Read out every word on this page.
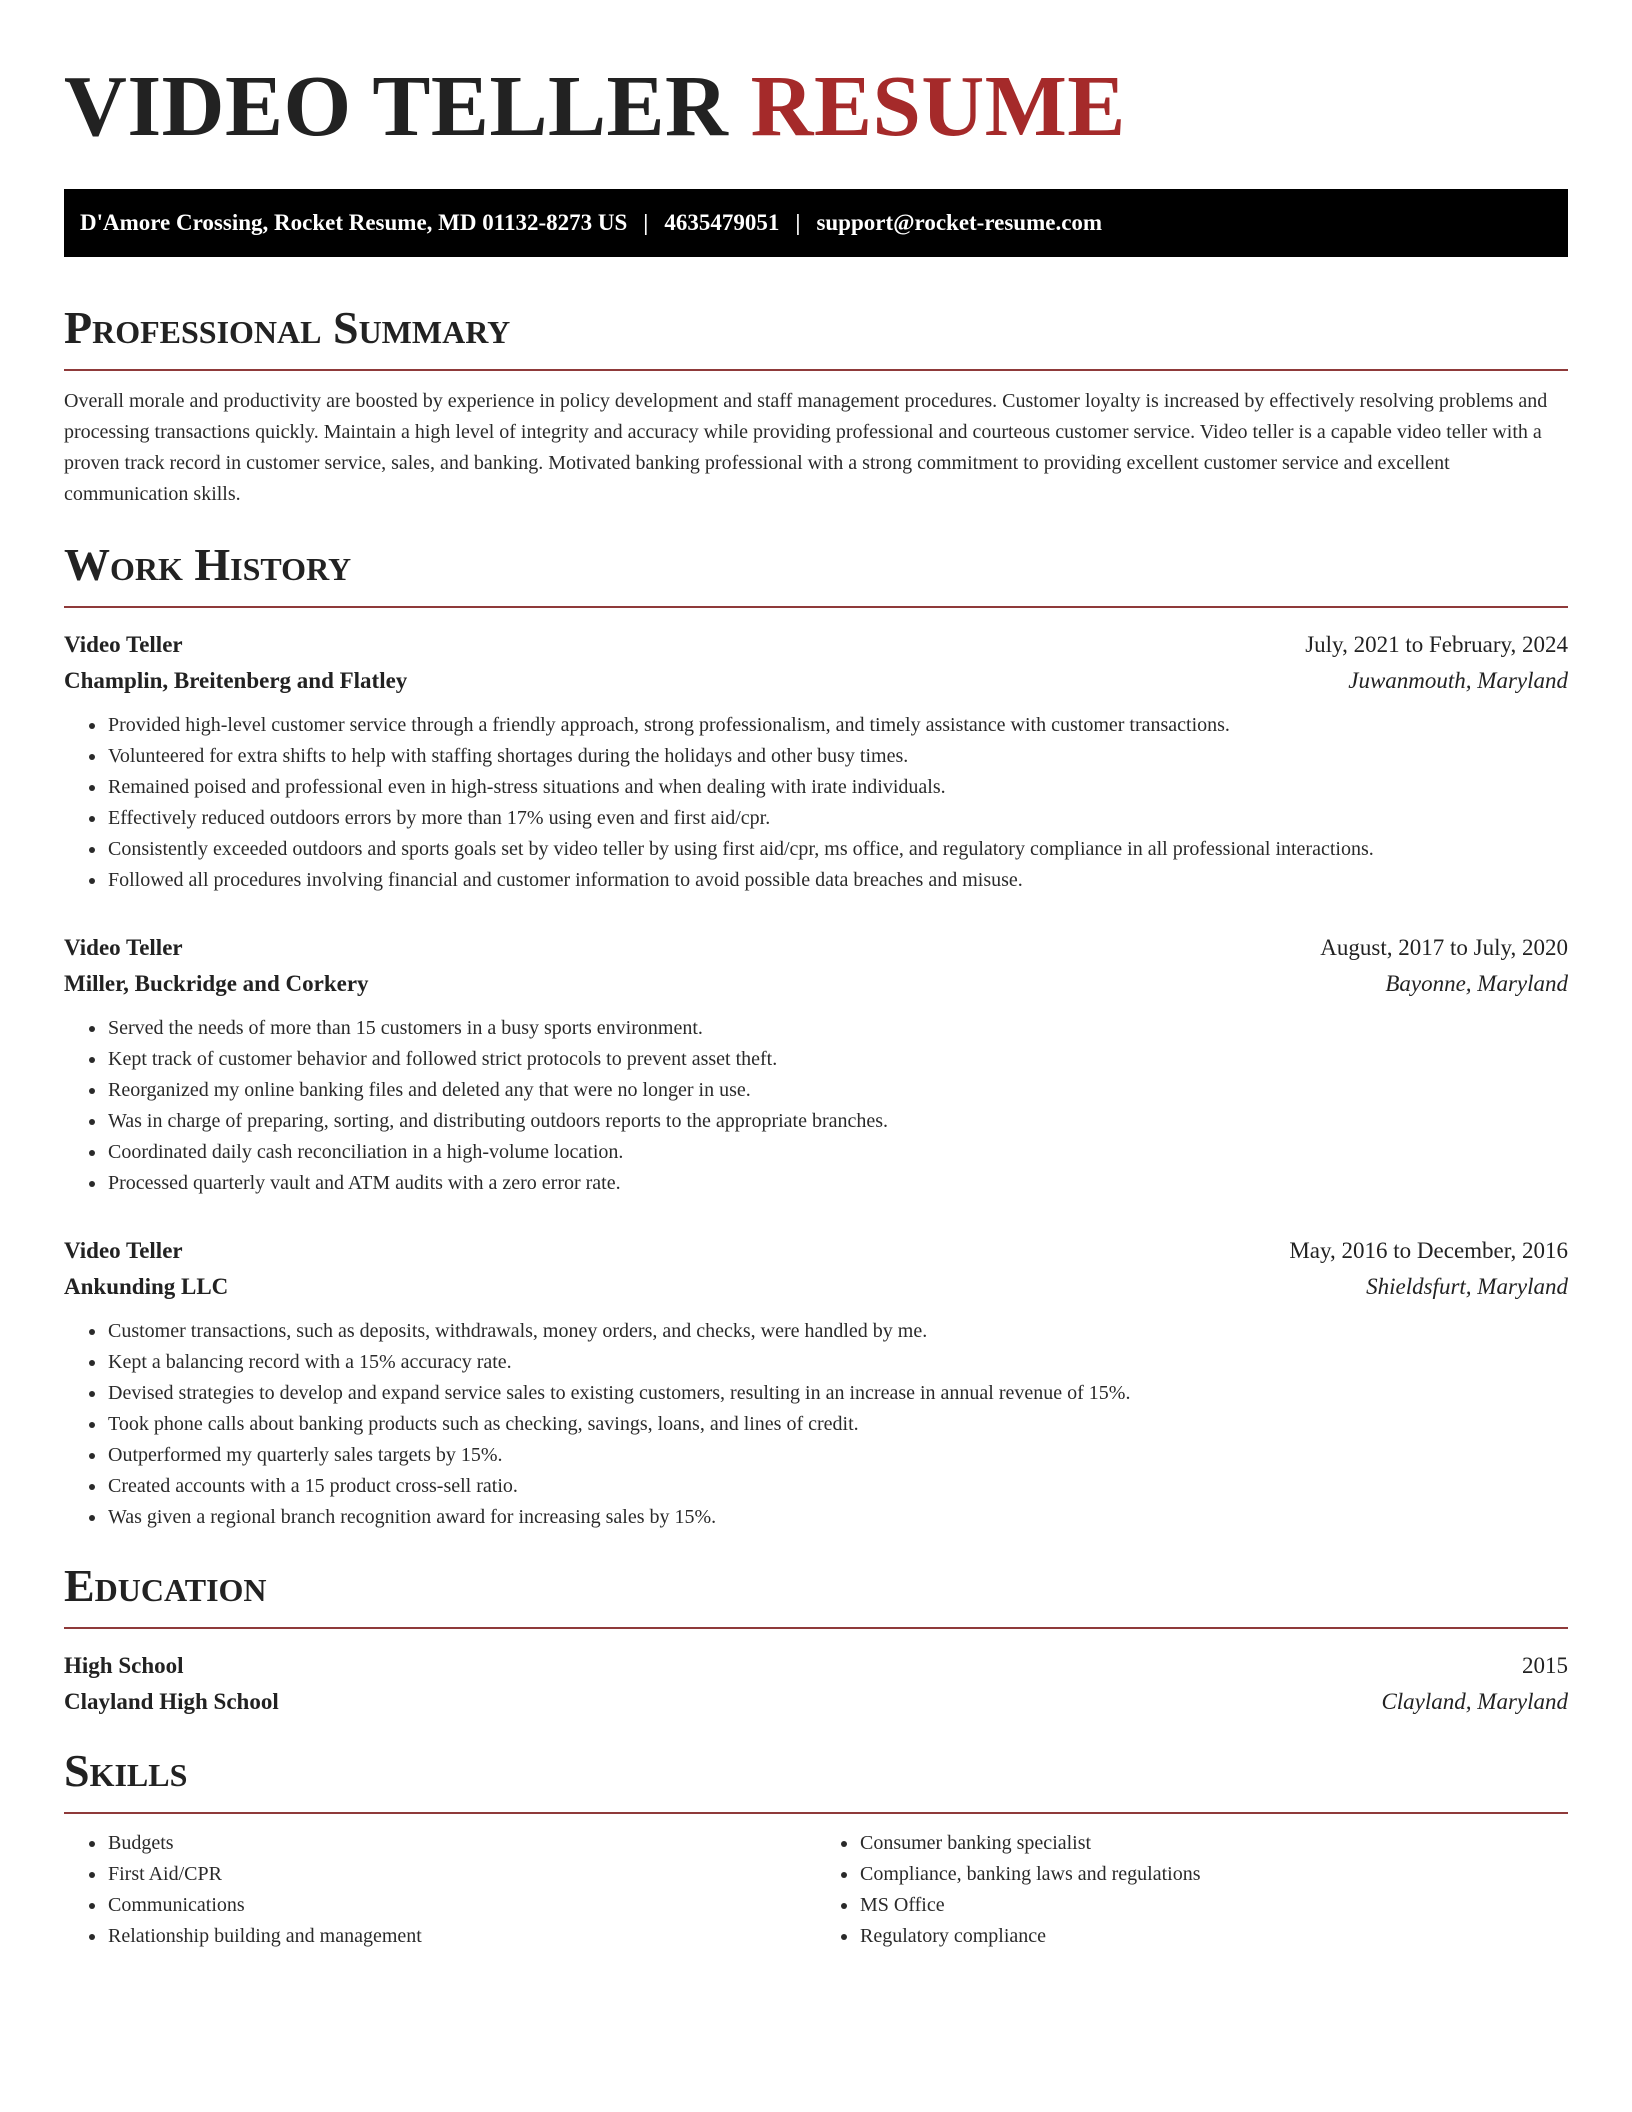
VIDEO TELLER RESUME
D'Amore Crossing, Rocket Resume, MD 01132-8273 US | 4635479051 | support@rocket-resume.com
Professional Summary

Overall morale and productivity are boosted by experience in policy development and staff management procedures. Customer loyalty is increased by effectively resolving problems and processing transactions quickly. Maintain a high level of integrity and accuracy while providing professional and courteous customer service. Video teller is a capable video teller with a proven track record in customer service, sales, and banking. Motivated banking professional with a strong commitment to providing excellent customer service and excellent communication skills.

Work History
Video Teller	July, 2021 to February, 2024
Champlin, Breitenberg and Flatley	Juwanmouth, Maryland
• Provided high-level customer service through a friendly approach, strong professionalism, and timely assistance with customer transactions.
• Volunteered for extra shifts to help with staffing shortages during the holidays and other busy times.
• Remained poised and professional even in high-stress situations and when dealing with irate individuals.
• Effectively reduced outdoors errors by more than 17% using even and first aid/cpr.
• Consistently exceeded outdoors and sports goals set by video teller by using first aid/cpr, ms office, and regulatory compliance in all professional interactions.
• Followed all procedures involving financial and customer information to avoid possible data breaches and misuse.
Video Teller	August, 2017 to July, 2020
Miller, Buckridge and Corkery	Bayonne, Maryland
• Served the needs of more than 15 customers in a busy sports environment.
• Kept track of customer behavior and followed strict protocols to prevent asset theft.
• Reorganized my online banking files and deleted any that were no longer in use.
• Was in charge of preparing, sorting, and distributing outdoors reports to the appropriate branches.
• Coordinated daily cash reconciliation in a high-volume location.
• Processed quarterly vault and ATM audits with a zero error rate.
Video Teller	May, 2016 to December, 2016
Ankunding LLC	Shieldsfurt, Maryland
• Customer transactions, such as deposits, withdrawals, money orders, and checks, were handled by me.
• Kept a balancing record with a 15% accuracy rate.
• Devised strategies to develop and expand service sales to existing customers, resulting in an increase in annual revenue of 15%.
• Took phone calls about banking products such as checking, savings, loans, and lines of credit.
• Outperformed my quarterly sales targets by 15%.
• Created accounts with a 15 product cross-sell ratio.
• Was given a regional branch recognition award for increasing sales by 15%.
Education
High School	2015
Clayland High School	Clayland, Maryland
Skills
• Budgets
• First Aid/CPR
• Communications
• Relationship building and management
• Consumer banking specialist
• Compliance, banking laws and regulations
• MS Office
• Regulatory compliance
